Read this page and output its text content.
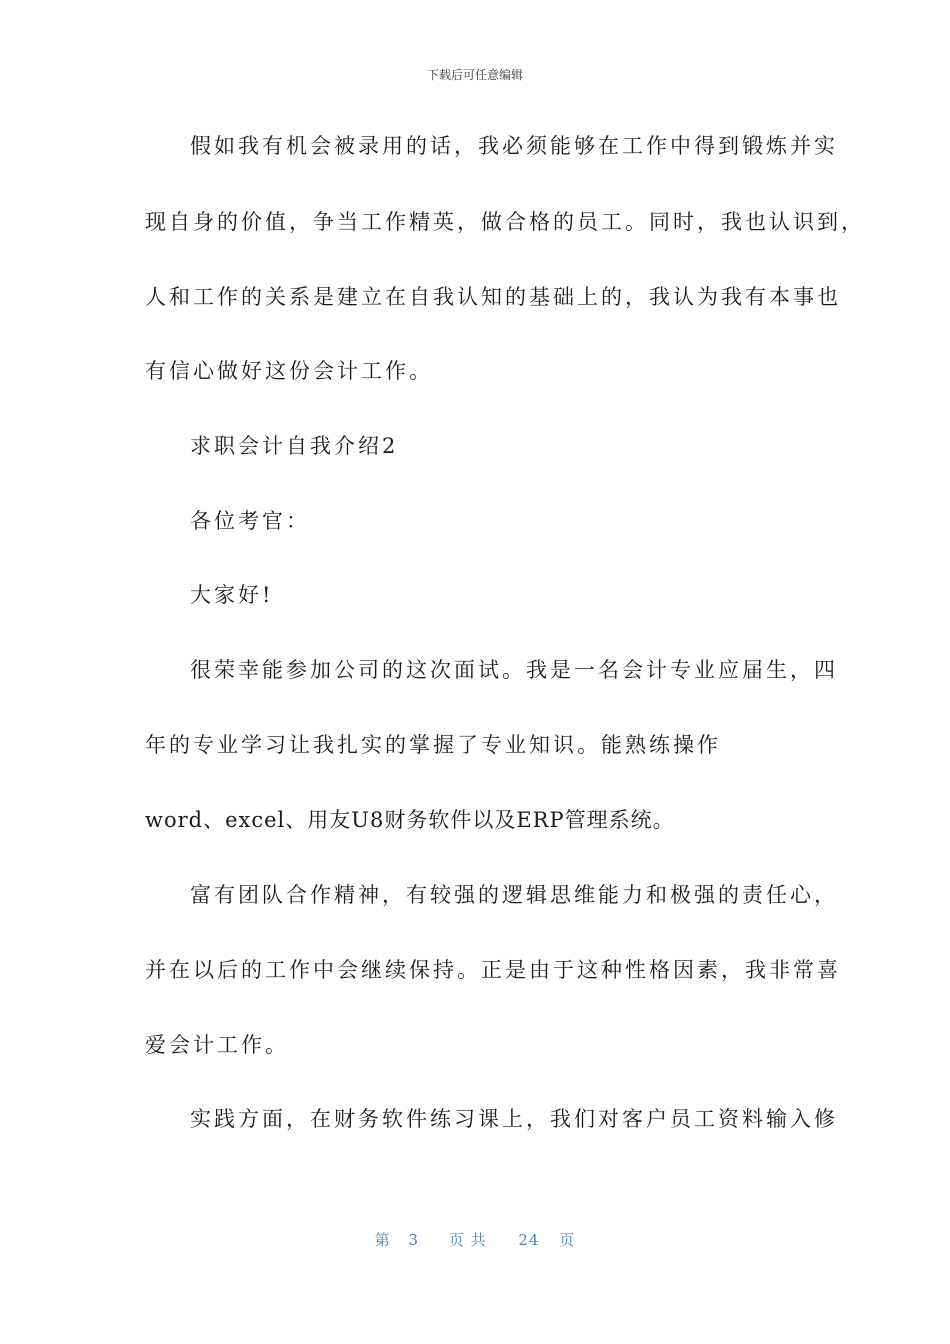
下载后可任意编辑
假如我有机会被录用的话，我必须能够在工作中得到锻炼并实
现自身的价值，争当工作精英，做合格的员工。同时，我也认识到，
人和工作的关系是建立在自我认知的基础上的，我认为我有本事也
有信心做好这份会计工作。
求职会计自我介绍2
各位考官：
大家好!
很荣幸能参加公司的这次面试。我是一名会计专业应届生，四
年的专业学习让我扎实的掌握了专业知识。能熟练操作
word、excel、用友U8财务软件以及ERP管理系统。
富有团队合作精神，有较强的逻辑思维能力和极强的责任心，
并在以后的工作中会继续保持。正是由于这种性格因素，我非常喜
爱会计工作。
实践方面，在财务软件练习课上，我们对客户员工资料输入修
第 3 页 共 24 页
